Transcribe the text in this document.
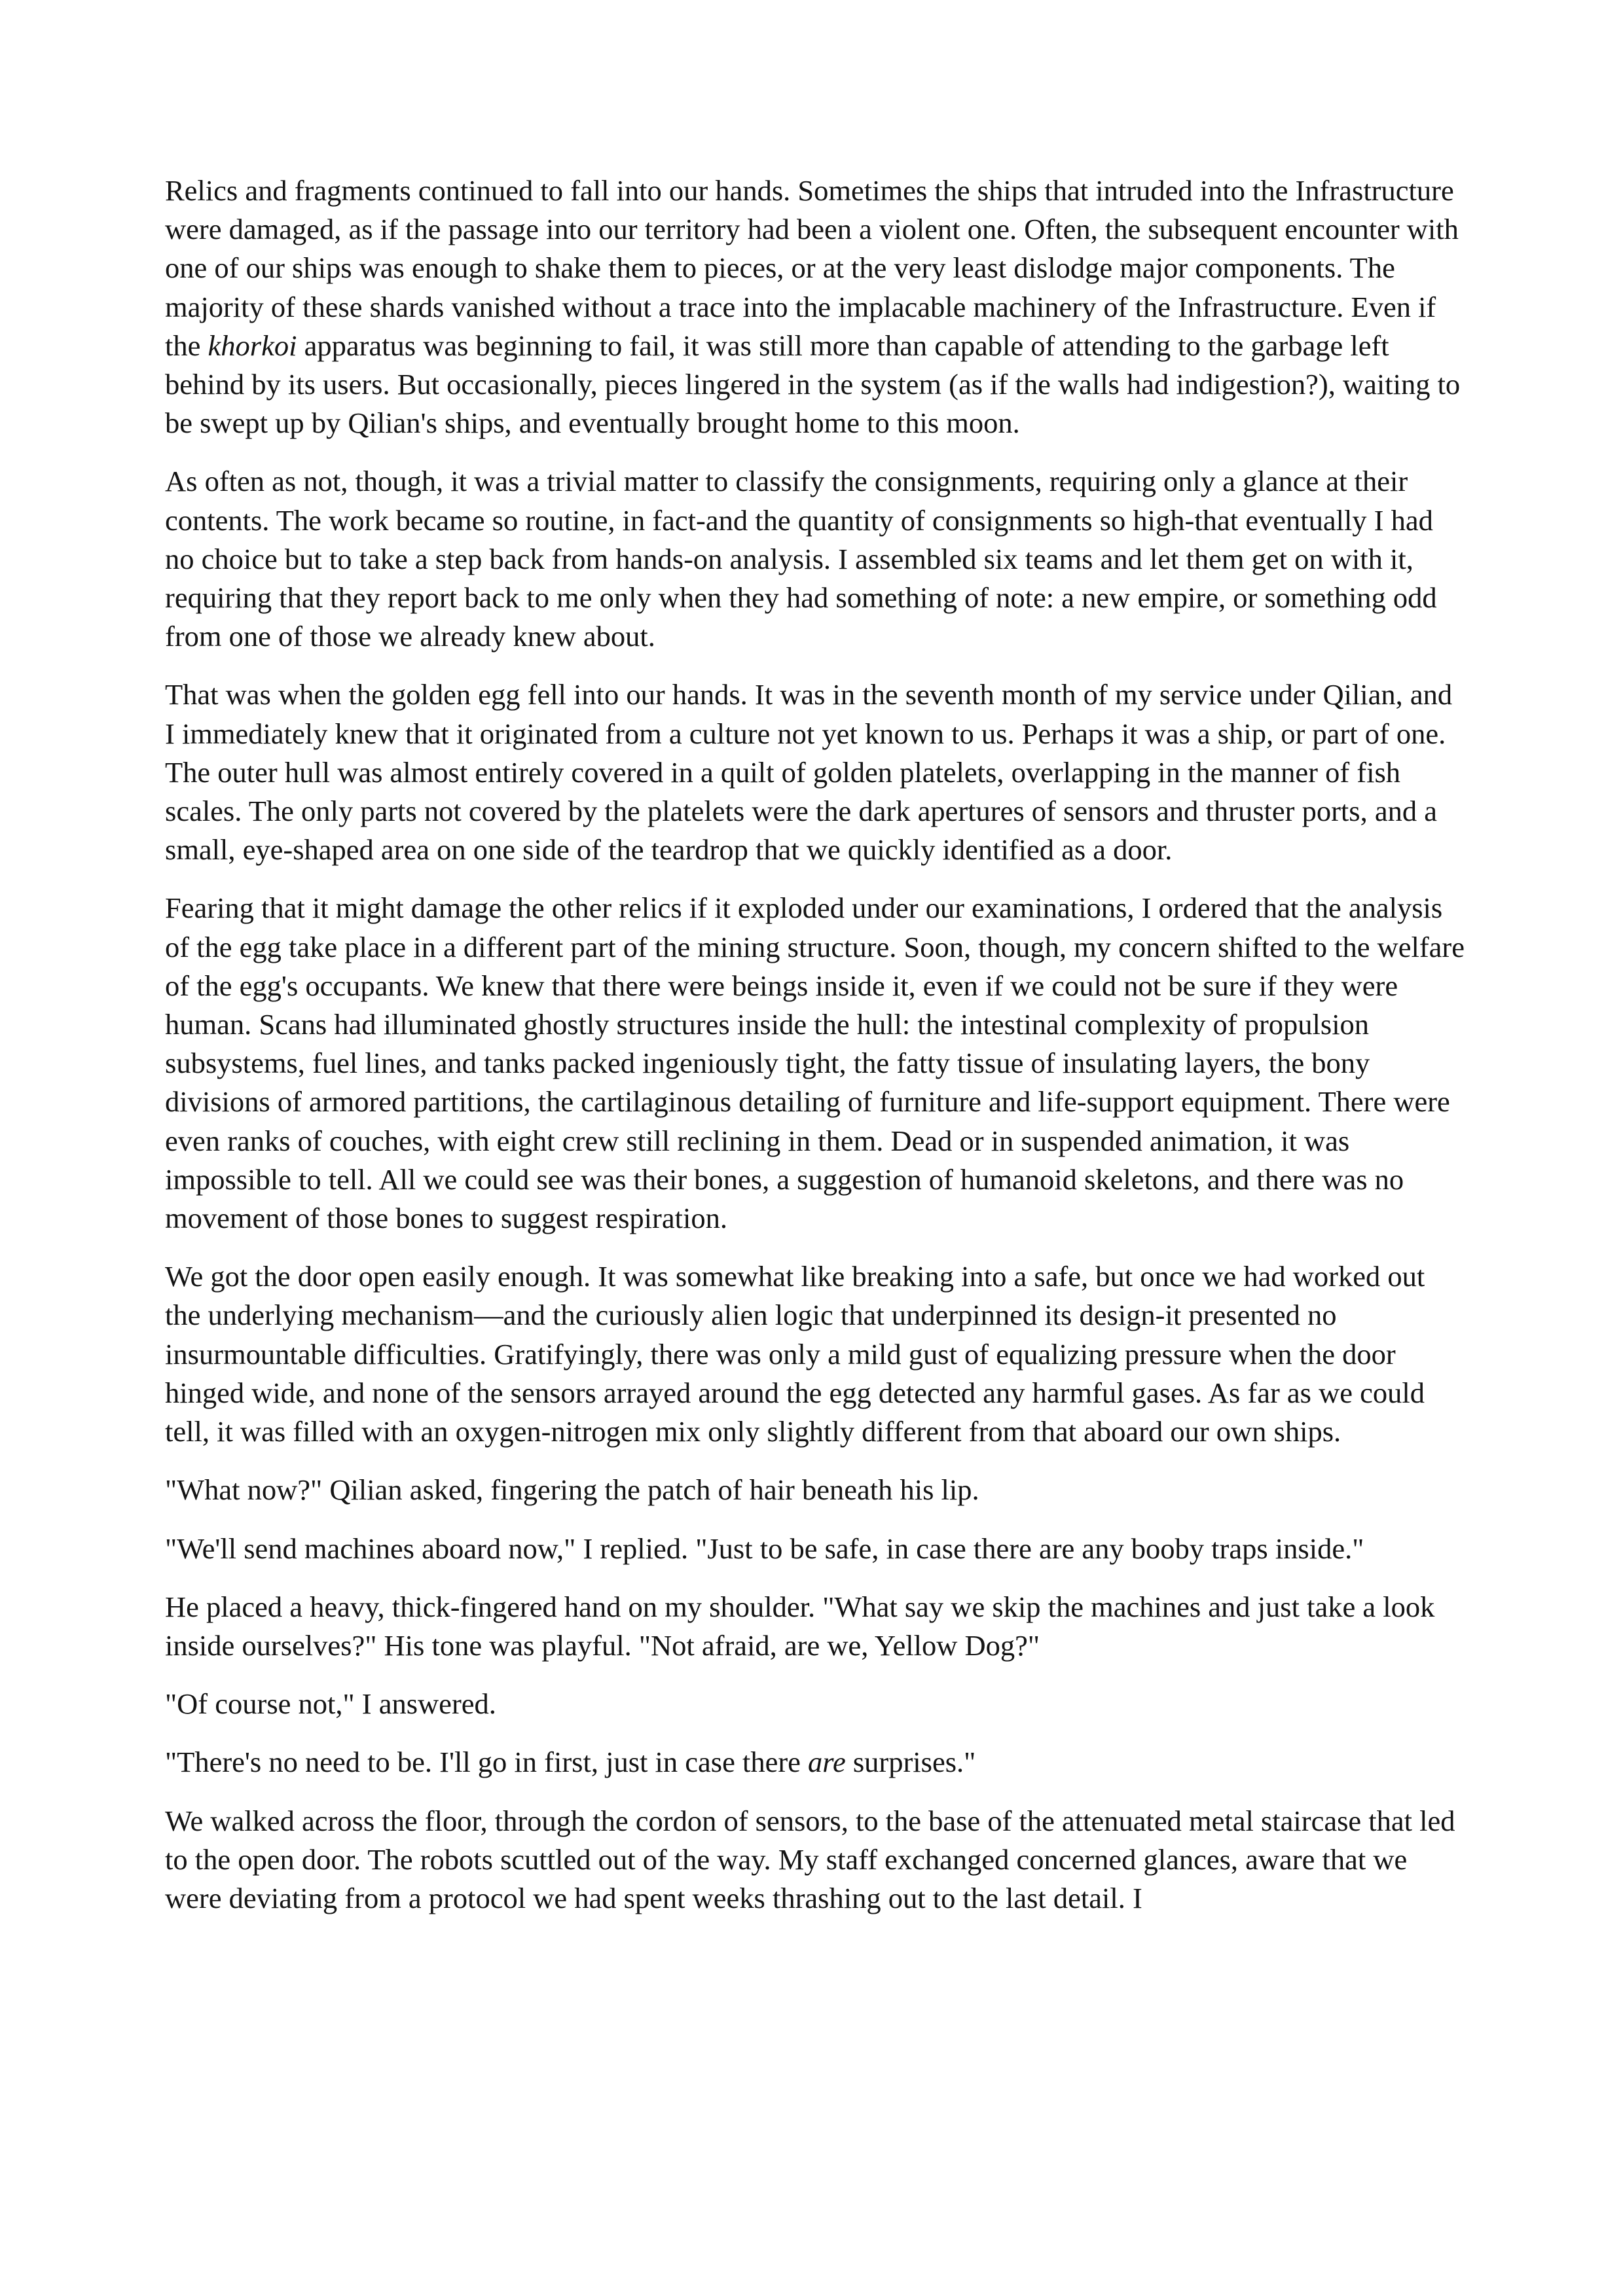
Relics and fragments continued to fall into our hands. Sometimes the ships that intruded into the Infrastructure were damaged, as if the passage into our territory had been a violent one. Often, the subsequent encounter with one of our ships was enough to shake them to pieces, or at the very least dislodge major components. The majority of these shards vanished without a trace into the implacable machinery of the Infrastructure. Even if the khorkoi apparatus was beginning to fail, it was still more than capable of attending to the garbage left behind by its users. But occasionally, pieces lingered in the system (as if the walls had indigestion?), waiting to be swept up by Qilian's ships, and eventually brought home to this moon.

As often as not, though, it was a trivial matter to classify the consignments, requiring only a glance at their contents. The work became so routine, in fact-and the quantity of consignments so high-that eventually I had no choice but to take a step back from hands-on analysis. I assembled six teams and let them get on with it, requiring that they report back to me only when they had something of note: a new empire, or something odd from one of those we already knew about.

That was when the golden egg fell into our hands. It was in the seventh month of my service under Qilian, and I immediately knew that it originated from a culture not yet known to us. Perhaps it was a ship, or part of one. The outer hull was almost entirely covered in a quilt of golden platelets, overlapping in the manner of fish scales. The only parts not covered by the platelets were the dark apertures of sensors and thruster ports, and a small, eye-shaped area on one side of the teardrop that we quickly identified as a door.

Fearing that it might damage the other relics if it exploded under our examinations, I ordered that the analysis of the egg take place in a different part of the mining structure. Soon, though, my concern shifted to the welfare of the egg's occupants. We knew that there were beings inside it, even if we could not be sure if they were human. Scans had illuminated ghostly structures inside the hull: the intestinal complexity of propulsion subsystems, fuel lines, and tanks packed ingeniously tight, the fatty tissue of insulating layers, the bony divisions of armored partitions, the cartilaginous detailing of furniture and life-support equipment. There were even ranks of couches, with eight crew still reclining in them. Dead or in suspended animation, it was impossible to tell. All we could see was their bones, a suggestion of humanoid skeletons, and there was no movement of those bones to suggest respiration.

We got the door open easily enough. It was somewhat like breaking into a safe, but once we had worked out the underlying mechanism—and the curiously alien logic that underpinned its design-it presented no insurmountable difficulties. Gratifyingly, there was only a mild gust of equalizing pressure when the door hinged wide, and none of the sensors arrayed around the egg detected any harmful gases. As far as we could tell, it was filled with an oxygen-nitrogen mix only slightly different from that aboard our own ships.

"What now?" Qilian asked, fingering the patch of hair beneath his lip.

"We'll send machines aboard now," I replied. "Just to be safe, in case there are any booby traps inside."

He placed a heavy, thick-fingered hand on my shoulder. "What say we skip the machines and just take a look inside ourselves?" His tone was playful. "Not afraid, are we, Yellow Dog?"

"Of course not," I answered.

"There's no need to be. I'll go in first, just in case there are surprises."

We walked across the floor, through the cordon of sensors, to the base of the attenuated metal staircase that led to the open door. The robots scuttled out of the way. My staff exchanged concerned glances, aware that we were deviating from a protocol we had spent weeks thrashing out to the last detail. I
